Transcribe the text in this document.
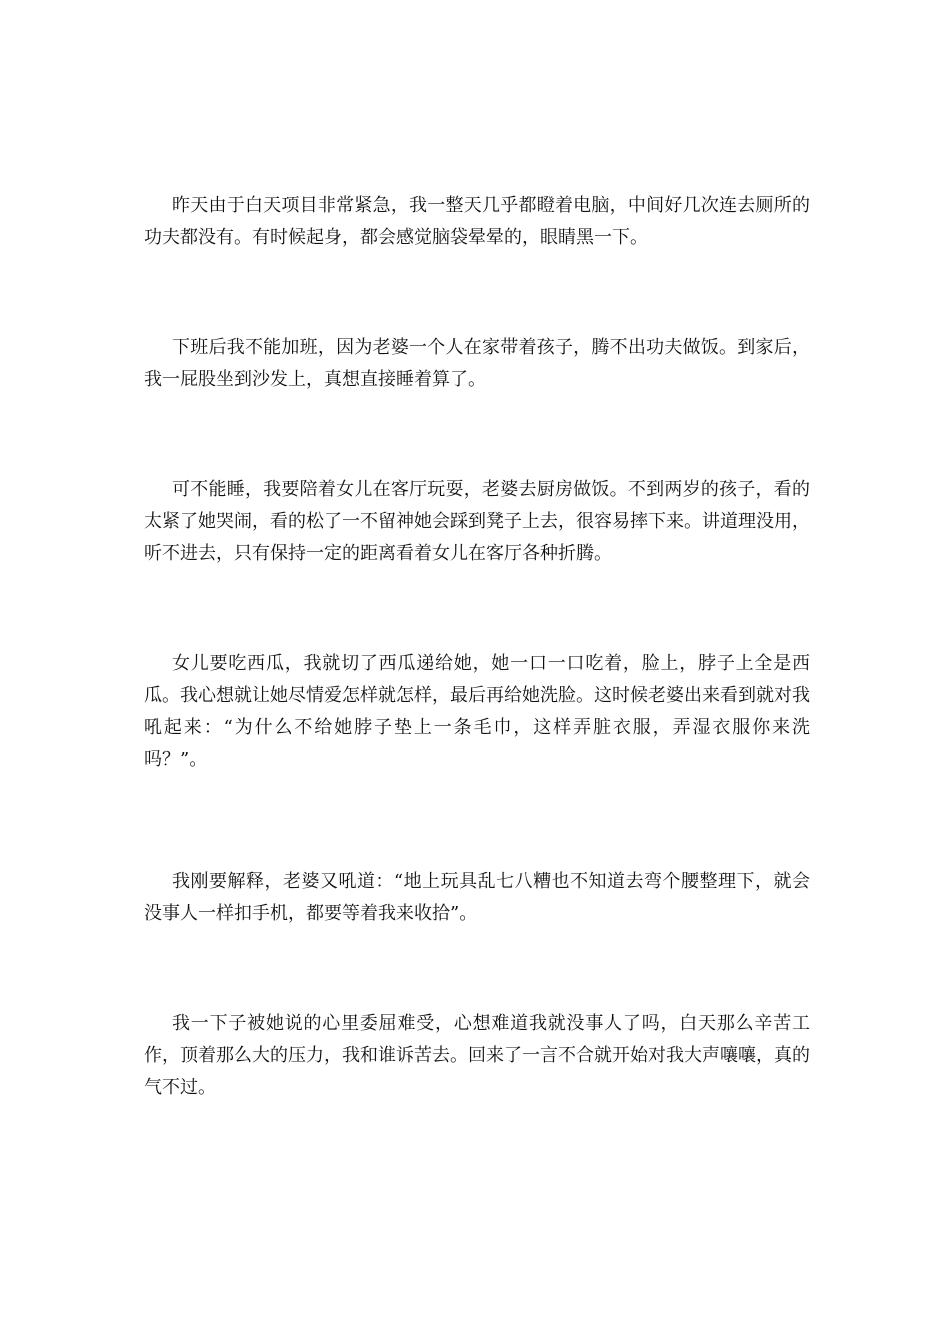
昨天由于白天项目非常紧急，我一整天几乎都瞪着电脑，中间好几次连去厕所的功夫都没有。有时候起身，都会感觉脑袋晕晕的，眼睛黑一下。

下班后我不能加班，因为老婆一个人在家带着孩子，腾不出功夫做饭。到家后，我一屁股坐到沙发上，真想直接睡着算了。

可不能睡，我要陪着女儿在客厅玩耍，老婆去厨房做饭。不到两岁的孩子，看的太紧了她哭闹，看的松了一不留神她会踩到凳子上去，很容易摔下来。讲道理没用，听不进去，只有保持一定的距离看着女儿在客厅各种折腾。

女儿要吃西瓜，我就切了西瓜递给她，她一口一口吃着，脸上，脖子上全是西瓜。我心想就让她尽情爱怎样就怎样，最后再给她洗脸。这时候老婆出来看到就对我吼起来：“为什么不给她脖子垫上一条毛巾，这样弄脏衣服，弄湿衣服你来洗吗？”。

我刚要解释，老婆又吼道：“地上玩具乱七八糟也不知道去弯个腰整理下，就会没事人一样扣手机，都要等着我来收拾”。

我一下子被她说的心里委屈难受，心想难道我就没事人了吗，白天那么辛苦工作，顶着那么大的压力，我和谁诉苦去。回来了一言不合就开始对我大声嚷嚷，真的气不过。
